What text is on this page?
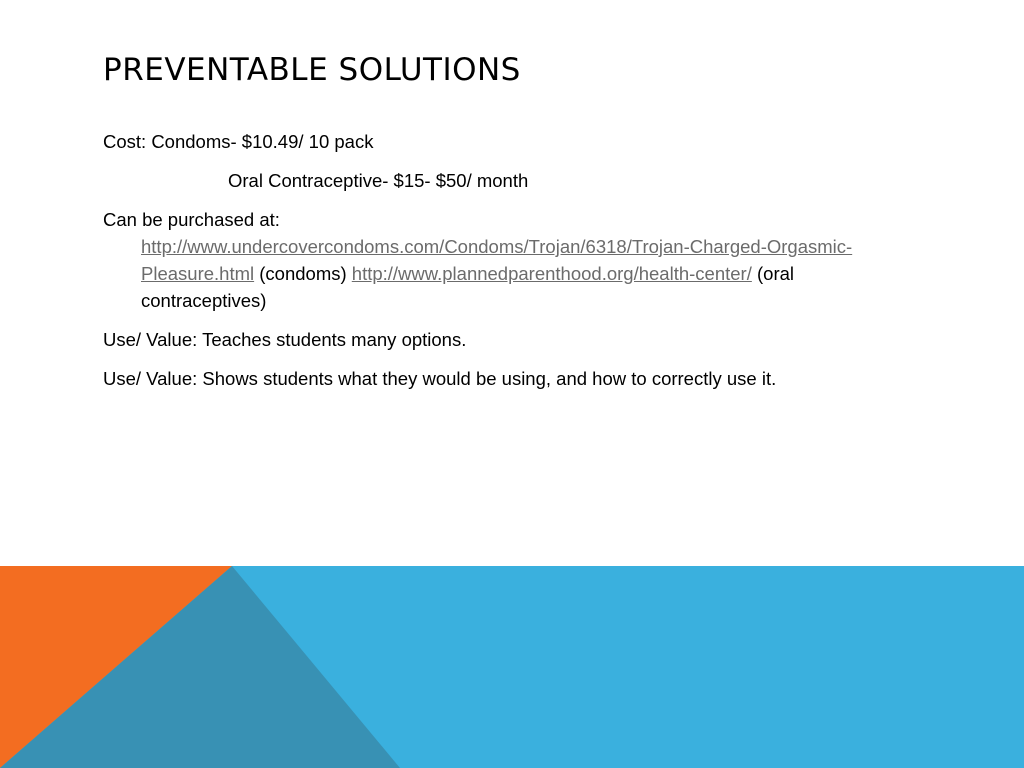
PREVENTABLE SOLUTIONS

Cost: Condoms- $10.49/ 10 pack

Oral Contraceptive- $15- $50/ month

Can be purchased at:

http://www.undercovercondoms.com/Condoms/Trojan/6318/Trojan-Charged-Orgasmic-Pleasure.html (condoms) http://www.plannedparenthood.org/health-center/ (oral contraceptives)

Use/ Value: Teaches students many options.

Use/ Value: Shows students what they would be using, and how to correctly use it.
